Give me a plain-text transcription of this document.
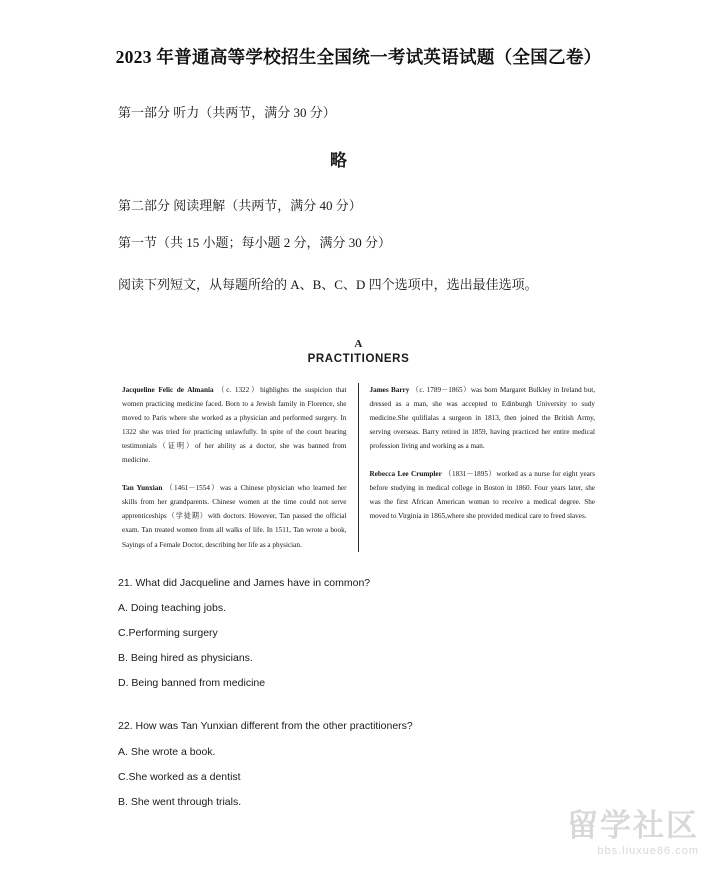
2023 年普通高等学校招生全国统一考试英语试题（全国乙卷）

第一部分 听力（共两节，满分 30 分）

略

第二部分 阅读理解（共两节，满分 40 分）

第一节（共 15 小题；每小题 2 分，满分 30 分）

阅读下列短文，从每题所给的 A、B、C、D 四个选项中，选出最佳选项。

A
PRACTITIONERS

Jacqueline Felic de Almania （c. 1322）highlights the suspicion that women practicing medicine faced. Born to a Jewish family in Florence, she moved to Paris where she worked as a physician and performed surgery. In 1322 she was tried for practicing unlawfully. In spite of the court hearing testimonials（证明）of her ability as a doctor, she was banned from medicine.

Tan Yunxian （1461－1554）was a Chinese physician who learned her skills from her grandparents. Chinese women at the time could not serve apprenticeships（学徒期）with doctors. However, Tan passed the official exam. Tan treated women from all walks of life. In 1511, Tan wrote a book, Sayings of a Female Doctor, describing her life as a physician.

James Barry （c. 1789－1865）was born Margaret Bulkley in Ireland but, dressed as a man, she was accepted to Edinburgh University to sudy medicine.She qulifialas a surgeon in 1813, then joined the British Army, serving overseas. Barry retired in 1859, having practiced her entire medical profession living and working as a man.

Rebecca Lee Crumpler （1831－1895）worked as a nurse for eight years before studying in medical college in Boston in 1860. Four years later, she was the first African American woman to receive a medical degree. She moved to Virginia in 1865,where she provided medical care to freed slaves.

21. What did Jacqueline and James have in common?

A. Doing teaching jobs.

C.Performing surgery

B. Being hired as physicians.

D. Being banned from medicine

22. How was Tan Yunxian different from the other practitioners?

A. She wrote a book.

C.She worked as a dentist

B. She went through trials.

留学社区
bbs.liuxue86.com
